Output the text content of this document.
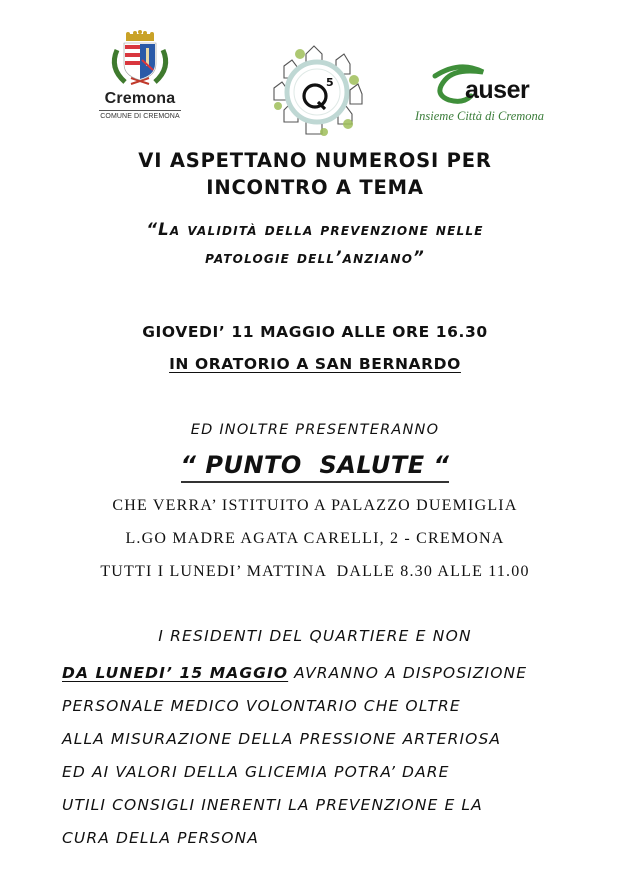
Cremona
COMUNE DI CREMONA
5	auser
Insieme Città di Cremona
VI ASPETTANO NUMEROSI PER
INCONTRO A TEMA
“La validità della prevenzione nelle
patologie dell’anziano”
GIOVEDI’ 11 MAGGIO ALLE ORE 16.30
IN ORATORIO A SAN BERNARDO
ED INOLTRE PRESENTERANNO
“ PUNTO  SALUTE “
CHE VERRA’ ISTITUITO A PALAZZO DUEMIGLIA
L.GO MADRE AGATA CARELLI, 2 - CREMONA
TUTTI I LUNEDI’ MATTINA  DALLE 8.30 ALLE 11.00
I RESIDENTI DEL QUARTIERE E NON
DA LUNEDI’ 15 MAGGIO AVRANNO A DISPOSIZIONE
PERSONALE MEDICO VOLONTARIO CHE OLTRE
ALLA MISURAZIONE DELLA PRESSIONE ARTERIOSA
ED AI VALORI DELLA GLICEMIA POTRA’ DARE
UTILI CONSIGLI INERENTI LA PREVENZIONE E LA
CURA DELLA PERSONA
